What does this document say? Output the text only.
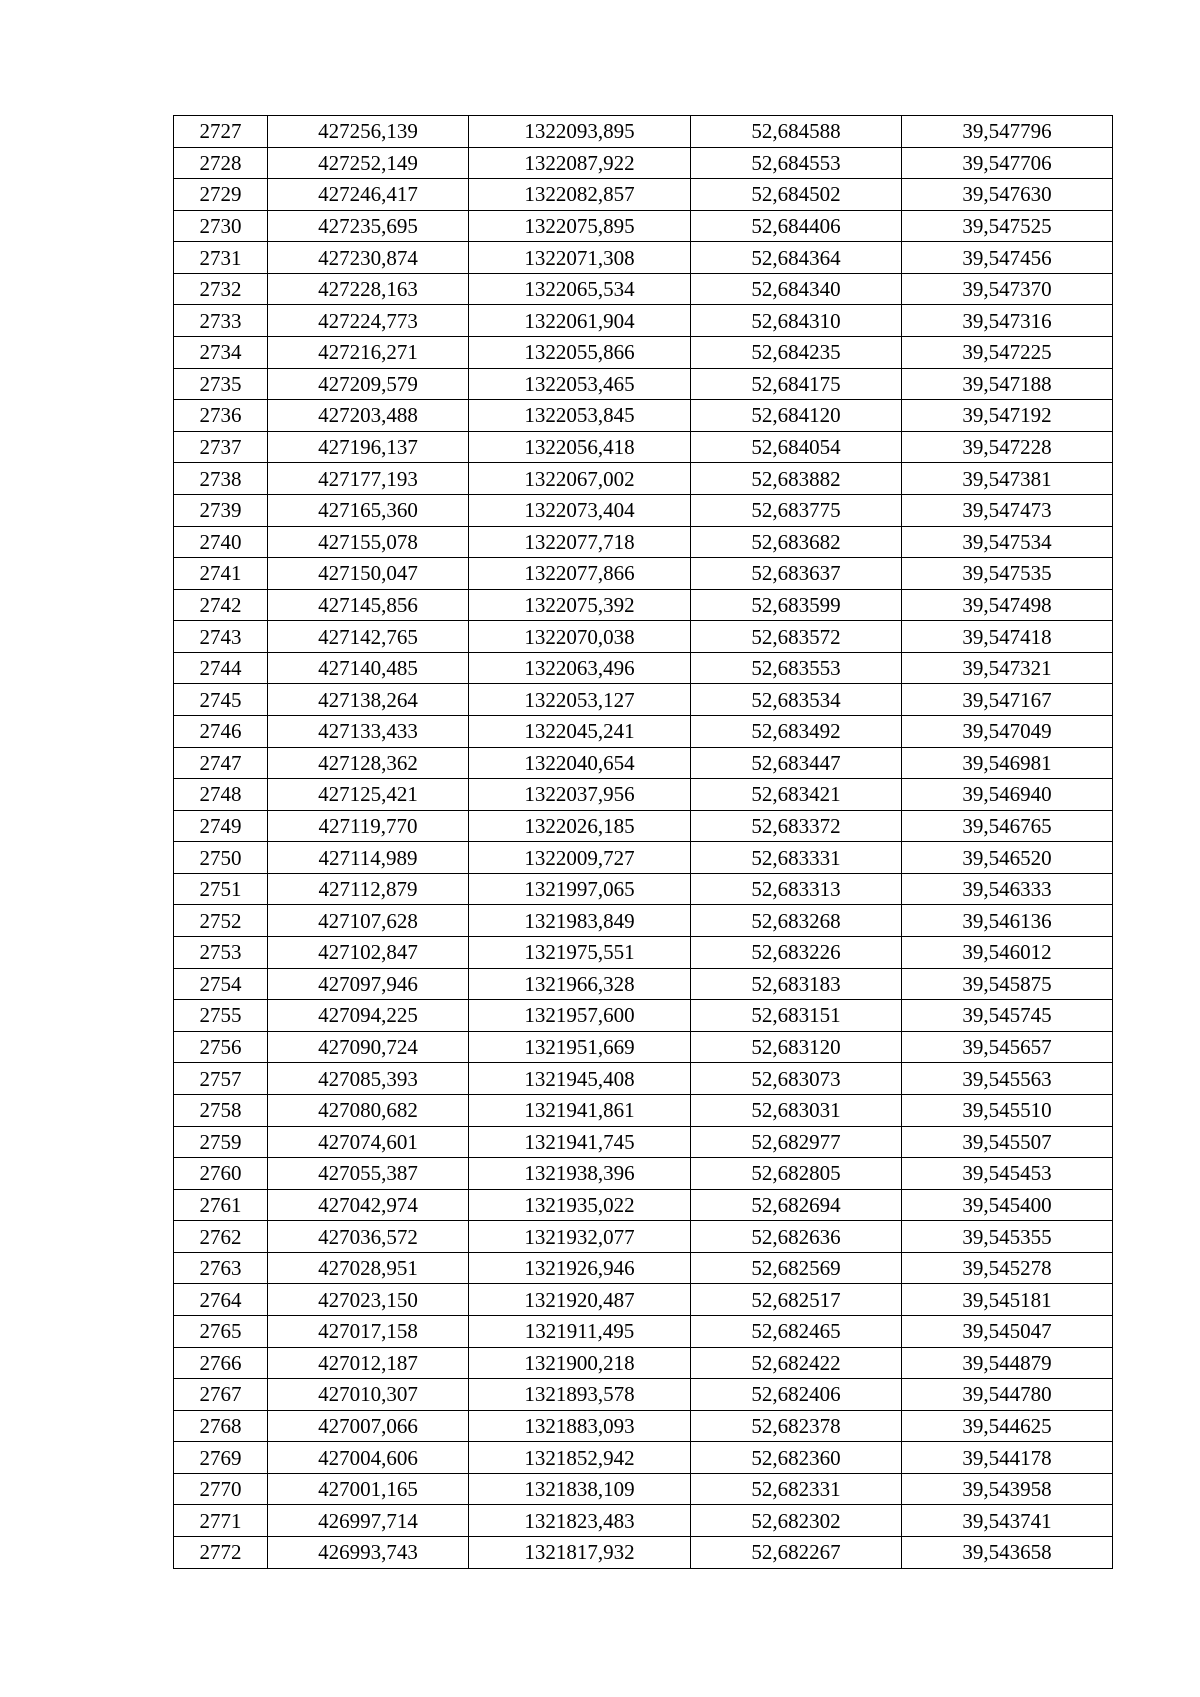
2727	427256,139	1322093,895	52,684588	39,547796
2728	427252,149	1322087,922	52,684553	39,547706
2729	427246,417	1322082,857	52,684502	39,547630
2730	427235,695	1322075,895	52,684406	39,547525
2731	427230,874	1322071,308	52,684364	39,547456
2732	427228,163	1322065,534	52,684340	39,547370
2733	427224,773	1322061,904	52,684310	39,547316
2734	427216,271	1322055,866	52,684235	39,547225
2735	427209,579	1322053,465	52,684175	39,547188
2736	427203,488	1322053,845	52,684120	39,547192
2737	427196,137	1322056,418	52,684054	39,547228
2738	427177,193	1322067,002	52,683882	39,547381
2739	427165,360	1322073,404	52,683775	39,547473
2740	427155,078	1322077,718	52,683682	39,547534
2741	427150,047	1322077,866	52,683637	39,547535
2742	427145,856	1322075,392	52,683599	39,547498
2743	427142,765	1322070,038	52,683572	39,547418
2744	427140,485	1322063,496	52,683553	39,547321
2745	427138,264	1322053,127	52,683534	39,547167
2746	427133,433	1322045,241	52,683492	39,547049
2747	427128,362	1322040,654	52,683447	39,546981
2748	427125,421	1322037,956	52,683421	39,546940
2749	427119,770	1322026,185	52,683372	39,546765
2750	427114,989	1322009,727	52,683331	39,546520
2751	427112,879	1321997,065	52,683313	39,546333
2752	427107,628	1321983,849	52,683268	39,546136
2753	427102,847	1321975,551	52,683226	39,546012
2754	427097,946	1321966,328	52,683183	39,545875
2755	427094,225	1321957,600	52,683151	39,545745
2756	427090,724	1321951,669	52,683120	39,545657
2757	427085,393	1321945,408	52,683073	39,545563
2758	427080,682	1321941,861	52,683031	39,545510
2759	427074,601	1321941,745	52,682977	39,545507
2760	427055,387	1321938,396	52,682805	39,545453
2761	427042,974	1321935,022	52,682694	39,545400
2762	427036,572	1321932,077	52,682636	39,545355
2763	427028,951	1321926,946	52,682569	39,545278
2764	427023,150	1321920,487	52,682517	39,545181
2765	427017,158	1321911,495	52,682465	39,545047
2766	427012,187	1321900,218	52,682422	39,544879
2767	427010,307	1321893,578	52,682406	39,544780
2768	427007,066	1321883,093	52,682378	39,544625
2769	427004,606	1321852,942	52,682360	39,544178
2770	427001,165	1321838,109	52,682331	39,543958
2771	426997,714	1321823,483	52,682302	39,543741
2772	426993,743	1321817,932	52,682267	39,543658
